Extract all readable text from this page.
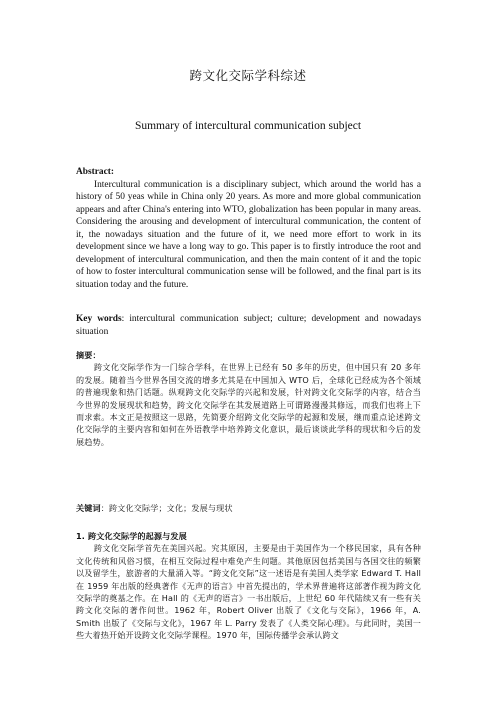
跨文化交际学科综述
Summary of intercultural communication subject

Abstract:

Intercultural communication is a disciplinary subject, which around the world has a history of 50 yeas while in China only 20 years. As more and more global communication appears and after China's entering into WTO, globalization has been popular in many areas. Considering the arousing and development of intercultural communication, the content of it, the nowadays situation and the future of it, we need more effort to work in its development since we have a long way to go. This paper is to firstly introduce the root and development of intercultural communication, and then the main content of it and the topic of how to foster intercultural communication sense will be followed, and the final part is its situation today and the future.

Key words: intercultural communication subject; culture; development and nowadays situation

摘要：

跨文化交际学作为一门综合学科，在世界上已经有 50 多年的历史，但中国只有 20 多年的发展。随着当今世界各国交流的增多尤其是在中国加入 WTO 后，全球化已经成为各个领域的普遍现象和热门话题。纵观跨文化交际学的兴起和发展，针对跨文化交际学的内容，结合当今世界的发展现状和趋势，跨文化交际学在其发展道路上可谓路漫漫其修远，而我们也将上下而求索。本文正是按照这一思路，先简要介绍跨文化交际学的起源和发展，继而重点论述跨文化交际学的主要内容和如何在外语教学中培养跨文化意识，最后谈谈此学科的现状和今后的发展趋势。

关键词：跨文化交际学；文化；发展与现状

1. 跨文化交际学的起源与发展

跨文化交际学首先在美国兴起。究其原因，主要是由于美国作为一个移民国家，具有各种文化传统和风俗习惯，在相互交际过程中难免产生问题。其他原因包括美国与各国交往的频繁以及留学生，旅游者的大量涌入等。“跨文化交际”这一述语是有美国人类学家 Edward T. Hall 在 1959 年出版的经典著作《无声的语言》中首先提出的，学术界普遍将这部著作视为跨文化交际学的奠基之作。在 Hall 的《无声的语言》一书出版后，上世纪 60 年代陆续又有一些有关跨文化交际的著作问世。1962 年，Robert Oliver 出版了《文化与交际》，1966 年，A. Smith 出版了《交际与文化》，1967 年 L. Parry 发表了《人类交际心理》。与此同时，美国一些大着热开始开设跨文化交际学课程。1970 年，国际传播学会承认跨文
